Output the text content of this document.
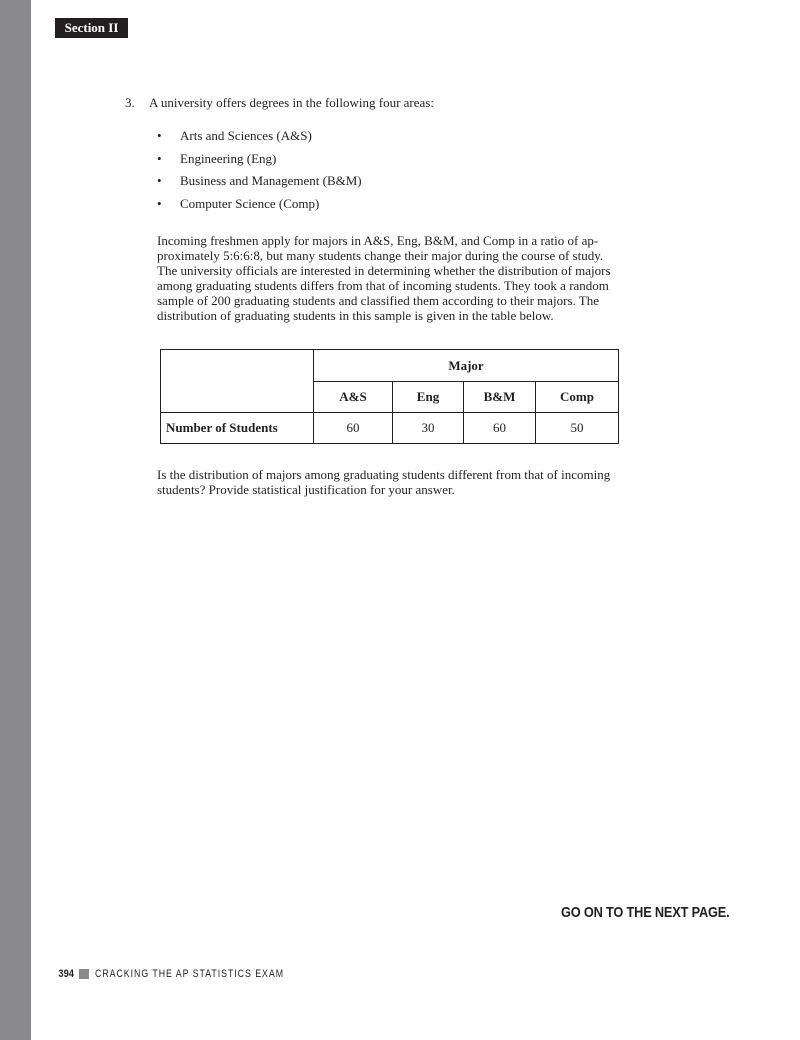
Section II
3. A university offers degrees in the following four areas:
• Arts and Sciences (A&S)
• Engineering (Eng)
• Business and Management (B&M)
• Computer Science (Comp)
Incoming freshmen apply for majors in A&S, Eng, B&M, and Comp in a ratio of ap-
proximately 5:6:6:8, but many students change their major during the course of study.
The university officials are interested in determining whether the distribution of majors
among graduating students differs from that of incoming students. They took a random
sample of 200 graduating students and classified them according to their majors. The
distribution of graduating students in this sample is given in the table below.
	Major			
	A&S	Eng	B&M	Comp
Number of Students	60	30	60	50
Is the distribution of majors among graduating students different from that of incoming
students? Provide statistical justification for your answer.
GO ON TO THE NEXT PAGE.
394 CRACKING THE AP STATISTICS EXAM
